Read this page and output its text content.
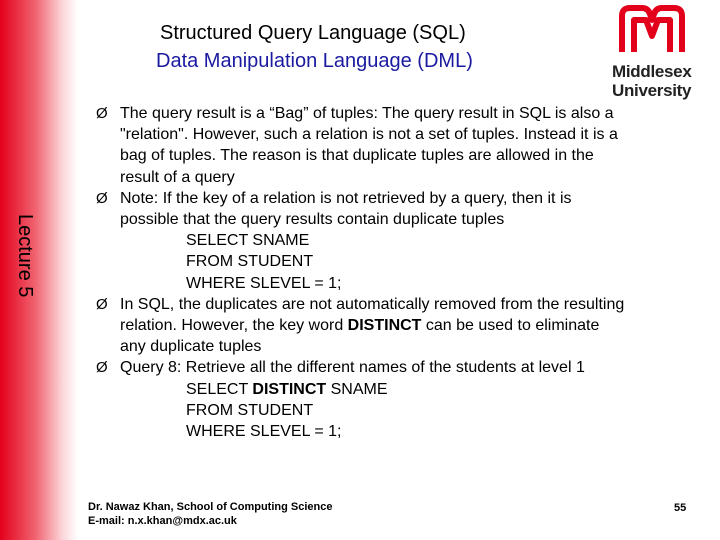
Lecture 5
Structured Query Language (SQL)
Data Manipulation Language (DML)	Middlesex
University
Ø The query result is a “Bag” of tuples: The query result in SQL is also a
"relation". However, such a relation is not a set of tuples. Instead it is a
bag of tuples. The reason is that duplicate tuples are allowed in the
result of a query
Ø Note: If the key of a relation is not retrieved by a query, then it is
possible that the query results contain duplicate tuples
SELECT SNAME
FROM STUDENT
WHERE SLEVEL = 1;
Ø In SQL, the duplicates are not automatically removed from the resulting
relation. However, the key word DISTINCT can be used to eliminate
any duplicate tuples
Ø Query 8: Retrieve all the different names of the students at level 1
SELECT DISTINCT SNAME
FROM STUDENT
WHERE SLEVEL = 1;
Dr. Nawaz Khan, School of Computing Science
E-mail: n.x.khan@mdx.ac.uk
55
